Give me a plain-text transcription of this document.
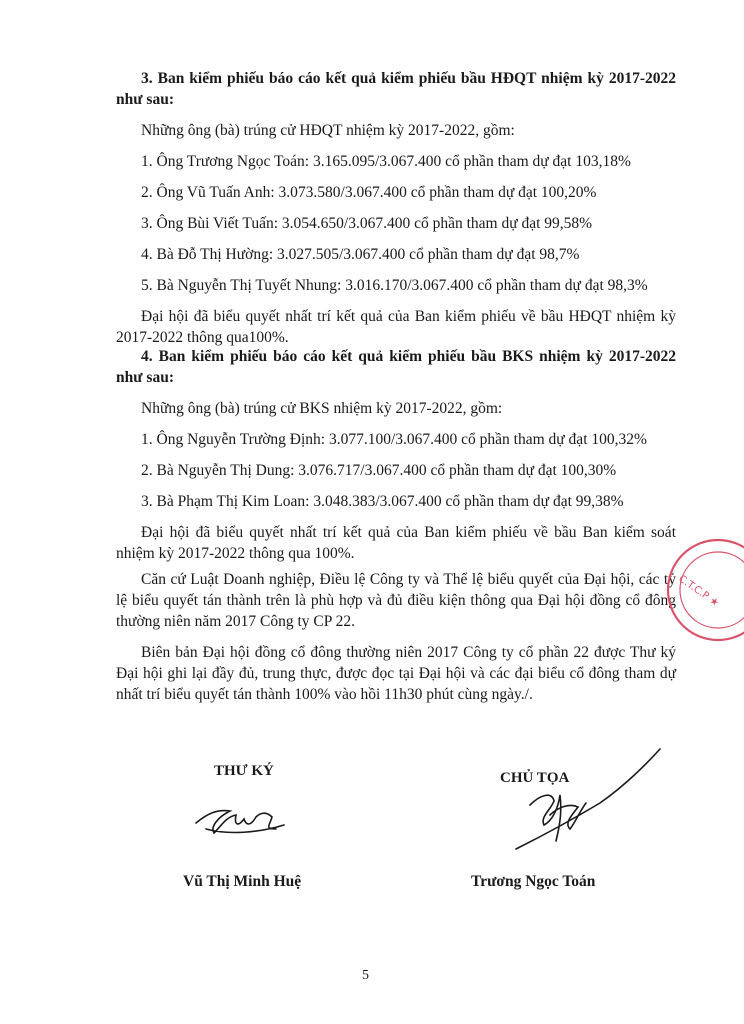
3. Ban kiểm phiếu báo cáo kết quả kiểm phiếu bầu HĐQT nhiệm kỳ 2017-2022 như sau:

Những ông (bà) trúng cử HĐQT nhiệm kỳ 2017-2022, gồm:

1. Ông Trương Ngọc Toán: 3.165.095/3.067.400 cổ phần tham dự đạt 103,18%

2. Ông Vũ Tuấn Anh: 3.073.580/3.067.400 cổ phần tham dự đạt 100,20%

3. Ông Bùi Viết Tuấn: 3.054.650/3.067.400 cổ phần tham dự đạt 99,58%

4. Bà Đỗ Thị Hường: 3.027.505/3.067.400 cổ phần tham dự đạt 98,7%

5. Bà Nguyễn Thị Tuyết Nhung: 3.016.170/3.067.400 cổ phần tham dự đạt 98,3%

Đại hội đã biểu quyết nhất trí kết quả của Ban kiểm phiếu về bầu HĐQT nhiệm kỳ 2017-2022 thông qua100%.

4. Ban kiểm phiếu báo cáo kết quả kiểm phiếu bầu BKS nhiệm kỳ 2017-2022 như sau:

Những ông (bà) trúng cử BKS nhiệm kỳ 2017-2022, gồm:

1. Ông Nguyễn Trường Định: 3.077.100/3.067.400 cổ phần tham dự đạt 100,32%

2. Bà Nguyễn Thị Dung: 3.076.717/3.067.400 cổ phần tham dự đạt 100,30%

3. Bà Phạm Thị Kim Loan: 3.048.383/3.067.400 cổ phần tham dự đạt 99,38%

Đại hội đã biểu quyết nhất trí kết quả của Ban kiểm phiếu về bầu Ban kiểm soát nhiệm kỳ 2017-2022 thông qua 100%.

Căn cứ Luật Doanh nghiệp, Điều lệ Công ty và Thể lệ biểu quyết của Đại hội, các tỷ lệ biểu quyết tán thành trên là phù hợp và đủ điều kiện thông qua Đại hội đồng cổ đông thường niên năm 2017 Công ty CP 22.

Biên bản Đại hội đồng cổ đông thường niên 2017 Công ty cổ phần 22 được Thư ký Đại hội ghi lại đầy đủ, trung thực, được đọc tại Đại hội và các đại biểu cổ đông tham dự nhất trí biểu quyết tán thành 100% vào hồi 11h30 phút cùng ngày./.

C.T.C.P ★
THƯ KÝ	CHỦ TỌA
Vũ Thị Minh Huệ	Trương Ngọc Toán
5
